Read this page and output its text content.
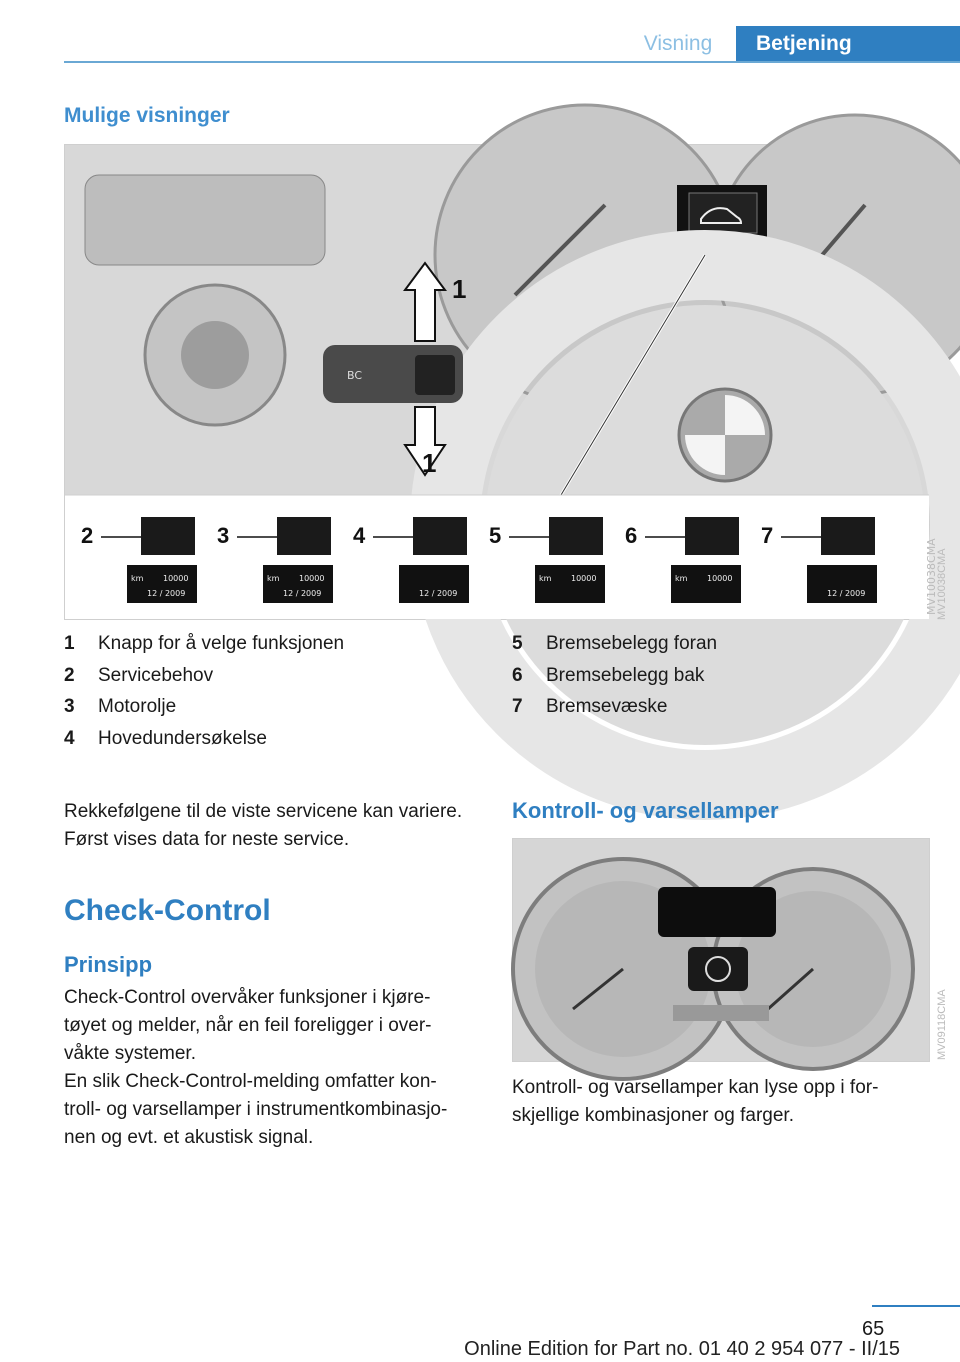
Visning	Betjening
Mulige visninger
BC
2
km 10000
12 / 2009
3
km 10000
12 / 2009
4
12 / 2009
5
km 10000
6
km 10000
7
12 / 2009	MV10038CMA
1
1
MV10038CMA
1	Knapp for å velge funksjonen
2	Servicebehov
3	Motorolje
4	Hovedundersøkelse
5	Bremsebelegg foran
6	Bremsebelegg bak
7	Bremsevæske
Rekkefølgene til de viste servicene kan variere.
Først vises data for neste service.
Check-Control
Prinsipp
Check-Control overvåker funksjoner i kjøre‐
tøyet og melder, når en feil foreligger i over‐
våkte systemer.
En slik Check-Control-melding omfatter kon‐
troll- og varsellamper i instrumentkombinasjo‐
nen og evt. et akustisk signal.
Kontroll- og varsellamper
MV09118CMA
Kontroll- og varsellamper kan lyse opp i for‐
skjellige kombinasjoner og farger.
65
Online Edition for Part no. 01 40 2 954 077 - II/15
